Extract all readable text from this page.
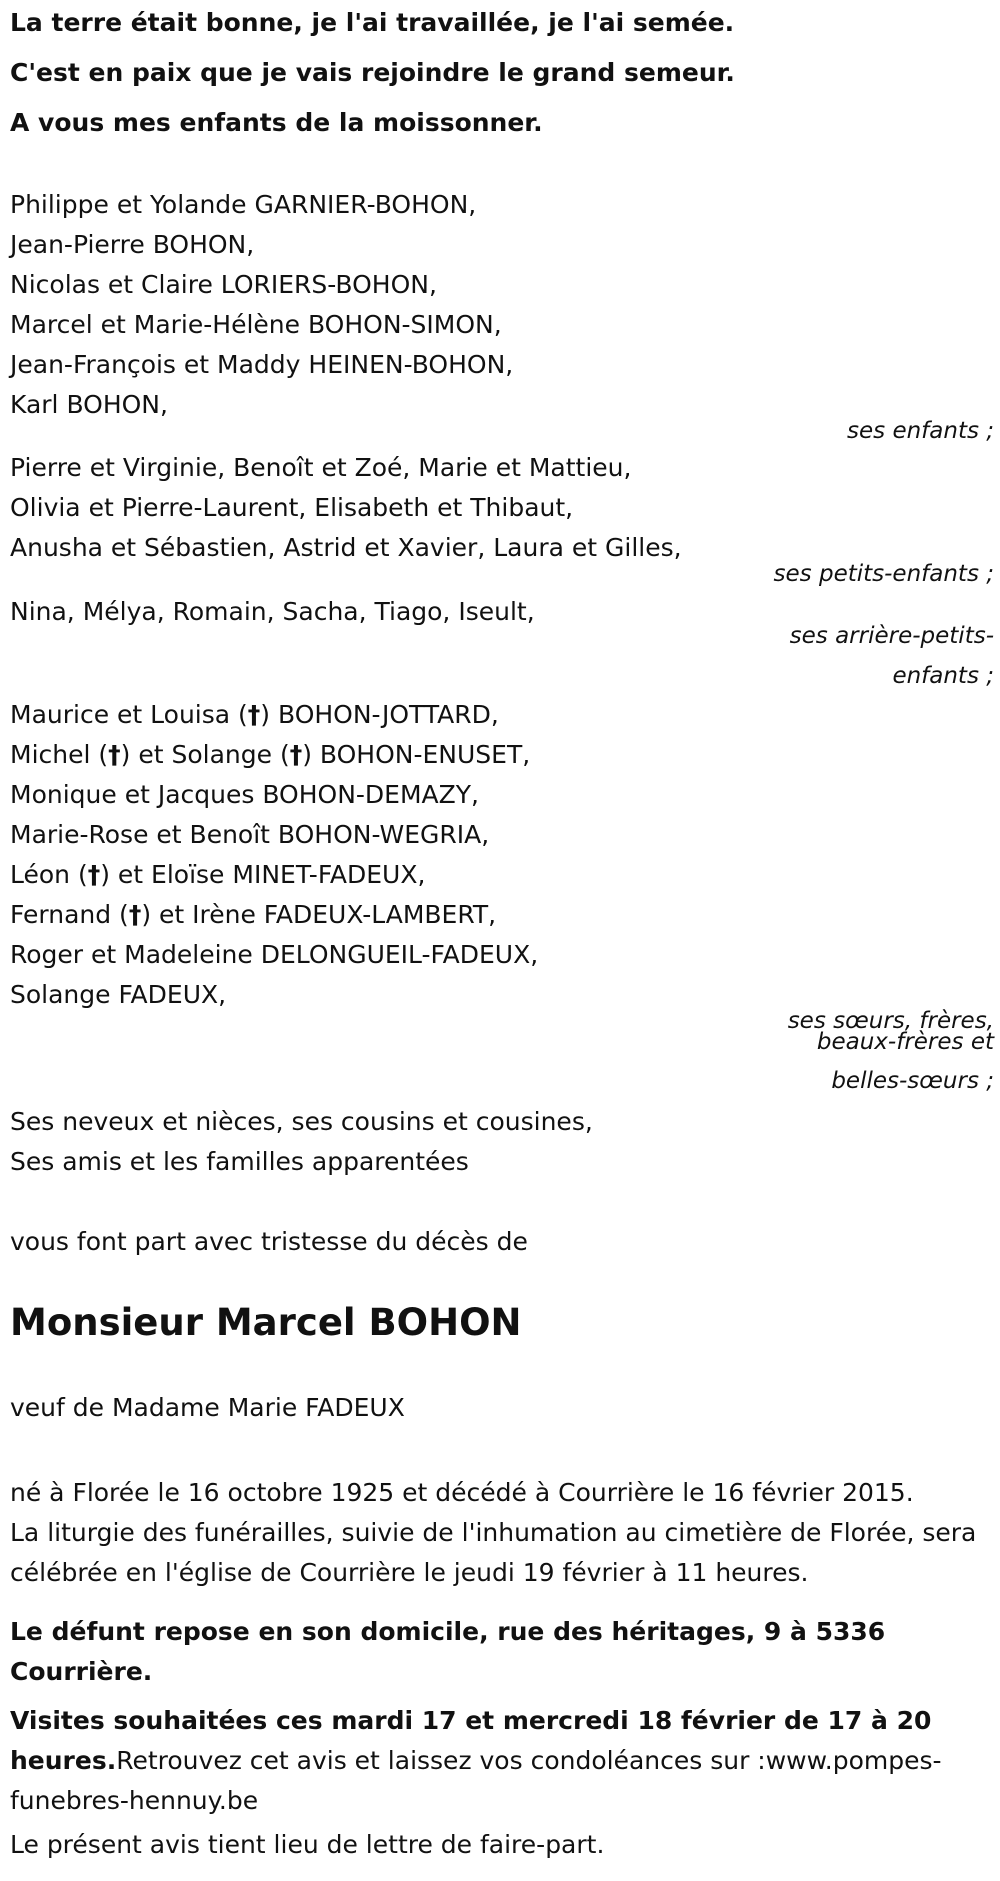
La terre était bonne, je l'ai travaillée, je l'ai semée.
C'est en paix que je vais rejoindre le grand semeur.
A vous mes enfants de la moissonner.
Philippe et Yolande GARNIER-BOHON,
Jean-Pierre BOHON,
Nicolas et Claire LORIERS-BOHON,
Marcel et Marie-Hélène BOHON-SIMON,
Jean-François et Maddy HEINEN-BOHON,
Karl BOHON,
ses enfants ;
Pierre et Virginie, Benoît et Zoé, Marie et Mattieu,
Olivia et Pierre-Laurent, Elisabeth et Thibaut,
Anusha et Sébastien, Astrid et Xavier, Laura et Gilles,
ses petits-enfants ;
Nina, Mélya, Romain, Sacha, Tiago, Iseult,
ses arrière-petits-
enfants ;
Maurice et Louisa (†) BOHON-JOTTARD,
Michel (†) et Solange (†) BOHON-ENUSET,
Monique et Jacques BOHON-DEMAZY,
Marie-Rose et Benoît BOHON-WEGRIA,
Léon (†) et Eloïse MINET-FADEUX,
Fernand (†) et Irène FADEUX-LAMBERT,
Roger et Madeleine DELONGUEIL-FADEUX,
Solange FADEUX,
ses sœurs, frères,
beaux-frères et
belles-sœurs ;
Ses neveux et nièces, ses cousins et cousines,
Ses amis et les familles apparentées
vous font part avec tristesse du décès de
Monsieur Marcel BOHON
veuf de Madame Marie FADEUX
né à Florée le 16 octobre 1925 et décédé à Courrière le 16 février 2015.
La liturgie des funérailles, suivie de l'inhumation au cimetière de Florée, sera célébrée en l'église de Courrière le jeudi 19 février à 11 heures.
Le défunt repose en son domicile, rue des héritages, 9 à 5336 Courrière.
Visites souhaitées ces mardi 17 et mercredi 18 février de 17 à 20 heures.Retrouvez cet avis et laissez vos condoléances sur :www.pompes-funebres-hennuy.be
Le présent avis tient lieu de lettre de faire-part.
